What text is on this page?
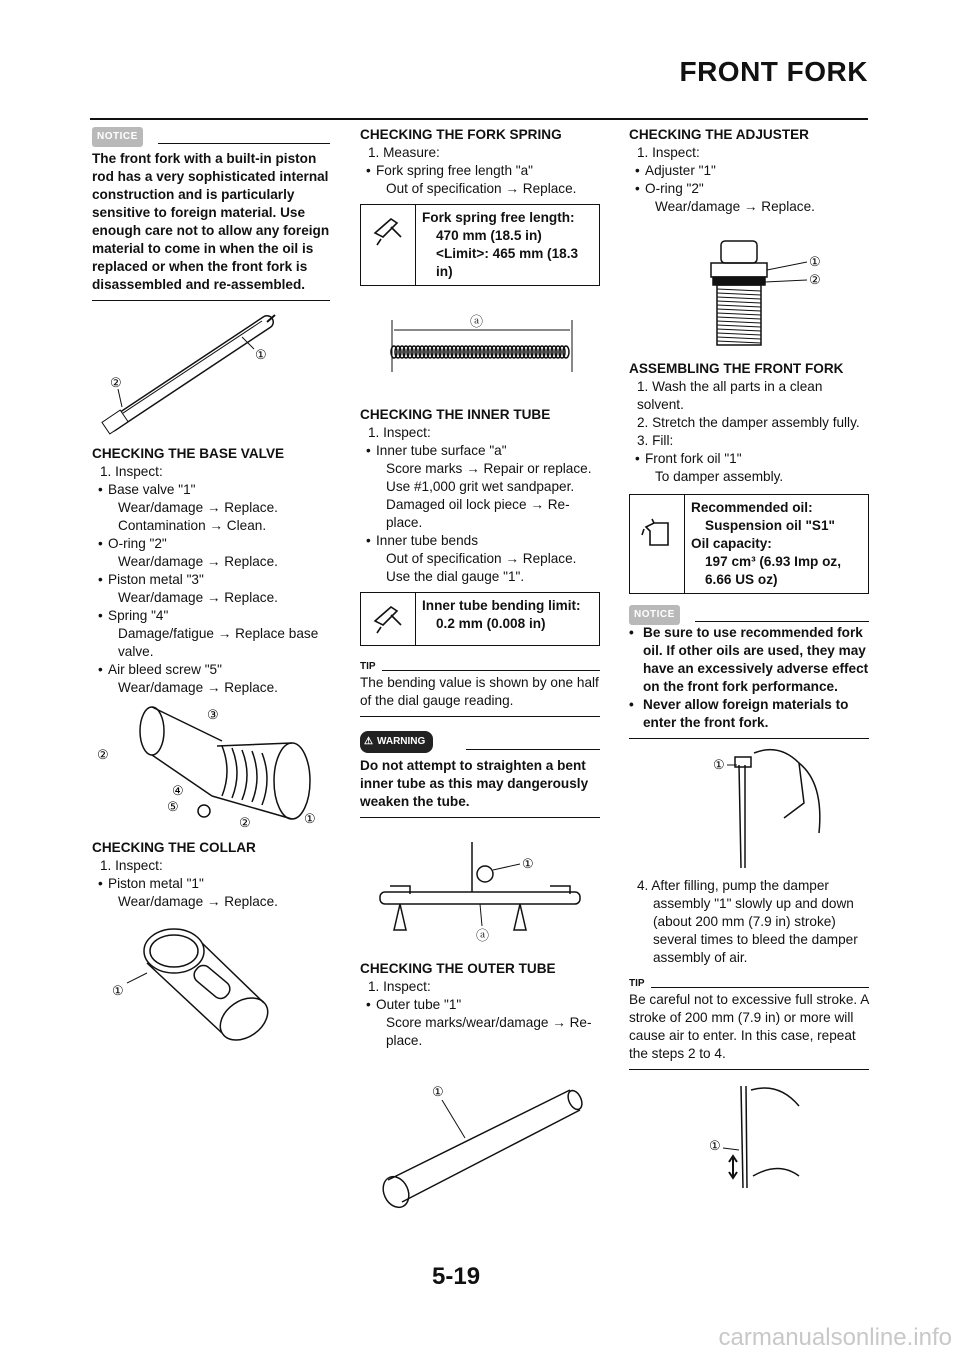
FRONT FORK
NOTICE

The front fork with a built-in piston rod has a very sophisticated internal construction and is particularly sensitive to foreign material. Use enough care not to allow any foreign material to come in when the oil is replaced or when the front fork is disassembled and re-assembled.

①
②

CHECKING THE BASE VALVE

1. Inspect:

• Base valve "1"

Wear/damage → Replace.

Contamination → Clean.

• O-ring "2"

Wear/damage → Replace.

• Piston metal "3"

Wear/damage → Replace.

• Spring "4"

Damage/fatigue → Replace base valve.

• Air bleed screw "5"

Wear/damage → Replace.

③
②
④
⑤
②	①

CHECKING THE COLLAR

1. Inspect:

• Piston metal "1"

Wear/damage → Replace.

①

CHECKING THE FORK SPRING

1. Measure:

• Fork spring free length "a"

Out of specification → Replace.

Fork spring free length:
470 mm (18.5 in)
<Limit>: 465 mm (18.3 in)
ⓐ

CHECKING THE INNER TUBE

1. Inspect:

• Inner tube surface "a"

Score marks → Repair or replace.

Use #1,000 grit wet sandpaper.

Damaged oil lock piece → Re-place.

• Inner tube bends

Out of specification → Replace.

Use the dial gauge "1".

Inner tube bending limit:
0.2 mm (0.008 in)
TIP

The bending value is shown by one half of the dial gauge reading.

⚠ WARNING

Do not attempt to straighten a bent inner tube as this may dangerously weaken the tube.

①
ⓐ

CHECKING THE OUTER TUBE

1. Inspect:

• Outer tube "1"

Score marks/wear/damage → Re-place.

①

CHECKING THE ADJUSTER

1. Inspect:

• Adjuster "1"
• O-ring "2"

Wear/damage → Replace.

①
②

ASSEMBLING THE FRONT FORK

1. Wash the all parts in a clean solvent.

2. Stretch the damper assembly fully.

3. Fill:

• Front fork oil "1"

To damper assembly.

Recommended oil:
Suspension oil "S1"
Oil capacity:
197 cm³ (6.93 Imp oz, 6.66 US oz)
NOTICE
• Be sure to use recommended fork oil. If other oils are used, they may have an excessively adverse effect on the front fork performance.
• Never allow foreign materials to enter the front fork.
①

4. After filling, pump the damper assembly "1" slowly up and down (about 200 mm (7.9 in) stroke) several times to bleed the damper assembly of air.

TIP

Be careful not to excessive full stroke. A stroke of 200 mm (7.9 in) or more will cause air to enter. In this case, repeat the steps 2 to 4.

①
5-19
carmanualsonline.info
